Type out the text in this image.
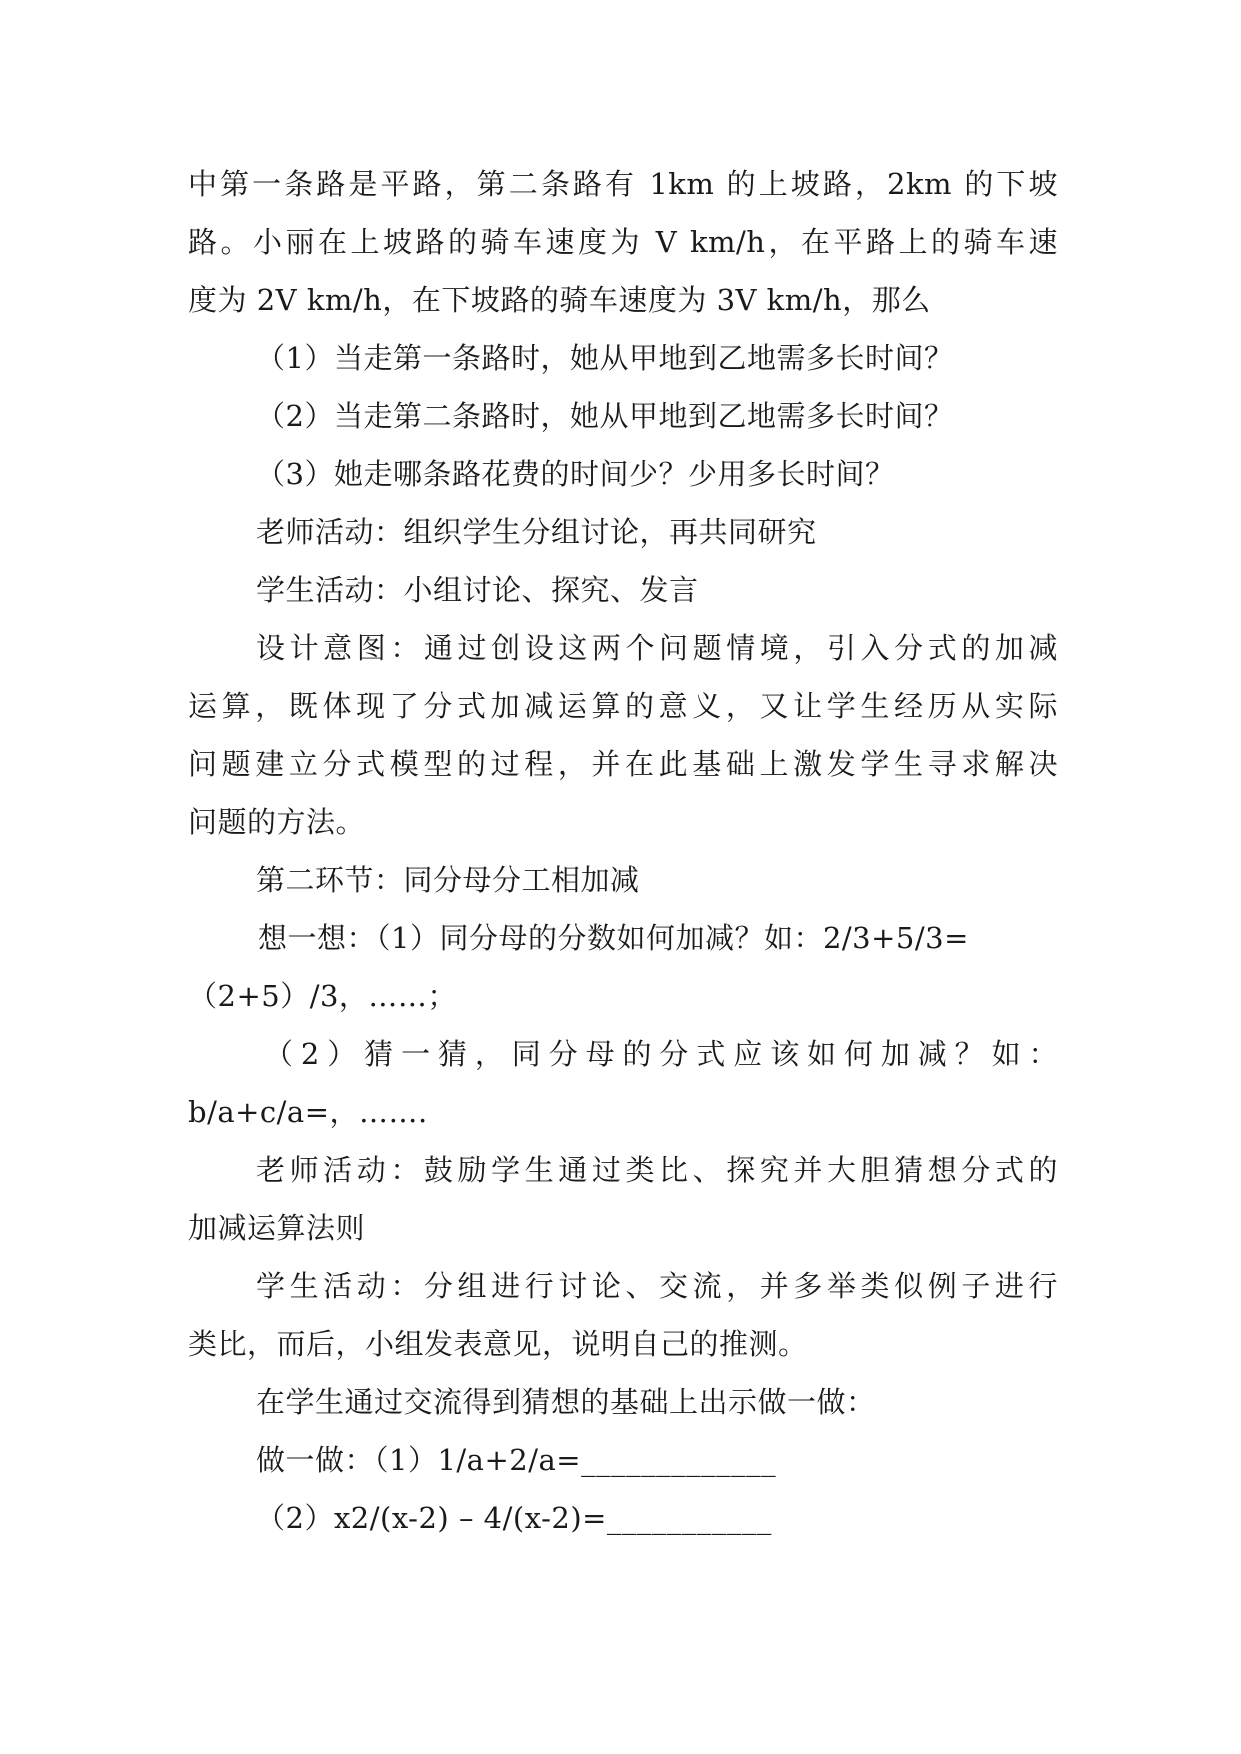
中第一条路是平路，第二条路有 1km 的上坡路，2km 的下坡
路。小丽在上坡路的骑车速度为 V km/h，在平路上的骑车速
度为 2V km/h，在下坡路的骑车速度为 3V km/h，那么
（1）当走第一条路时，她从甲地到乙地需多长时间？
（2）当走第二条路时，她从甲地到乙地需多长时间？
（3）她走哪条路花费的时间少？少用多长时间？
老师活动：组织学生分组讨论，再共同研究
学生活动：小组讨论、探究、发言
设计意图：通过创设这两个问题情境，引入分式的加减
运算，既体现了分式加减运算的意义，又让学生经历从实际
问题建立分式模型的过程，并在此基础上激发学生寻求解决
问题的方法。
第二环节：同分母分工相加减
想一想：（1）同分母的分数如何加减？如：2/3+5/3=
（2+5）/3，……；
（2）猜一猜，同分母的分式应该如何加减？如：
b/a+c/a=，…….
老师活动：鼓励学生通过类比、探究并大胆猜想分式的
加减运算法则
学生活动：分组进行讨论、交流，并多举类似例子进行
类比，而后，小组发表意见，说明自己的推测。
在学生通过交流得到猜想的基础上出示做一做：
做一做：（1）1/a+2/a=_____________
（2）x2/(x-2) – 4/(x-2)=___________
